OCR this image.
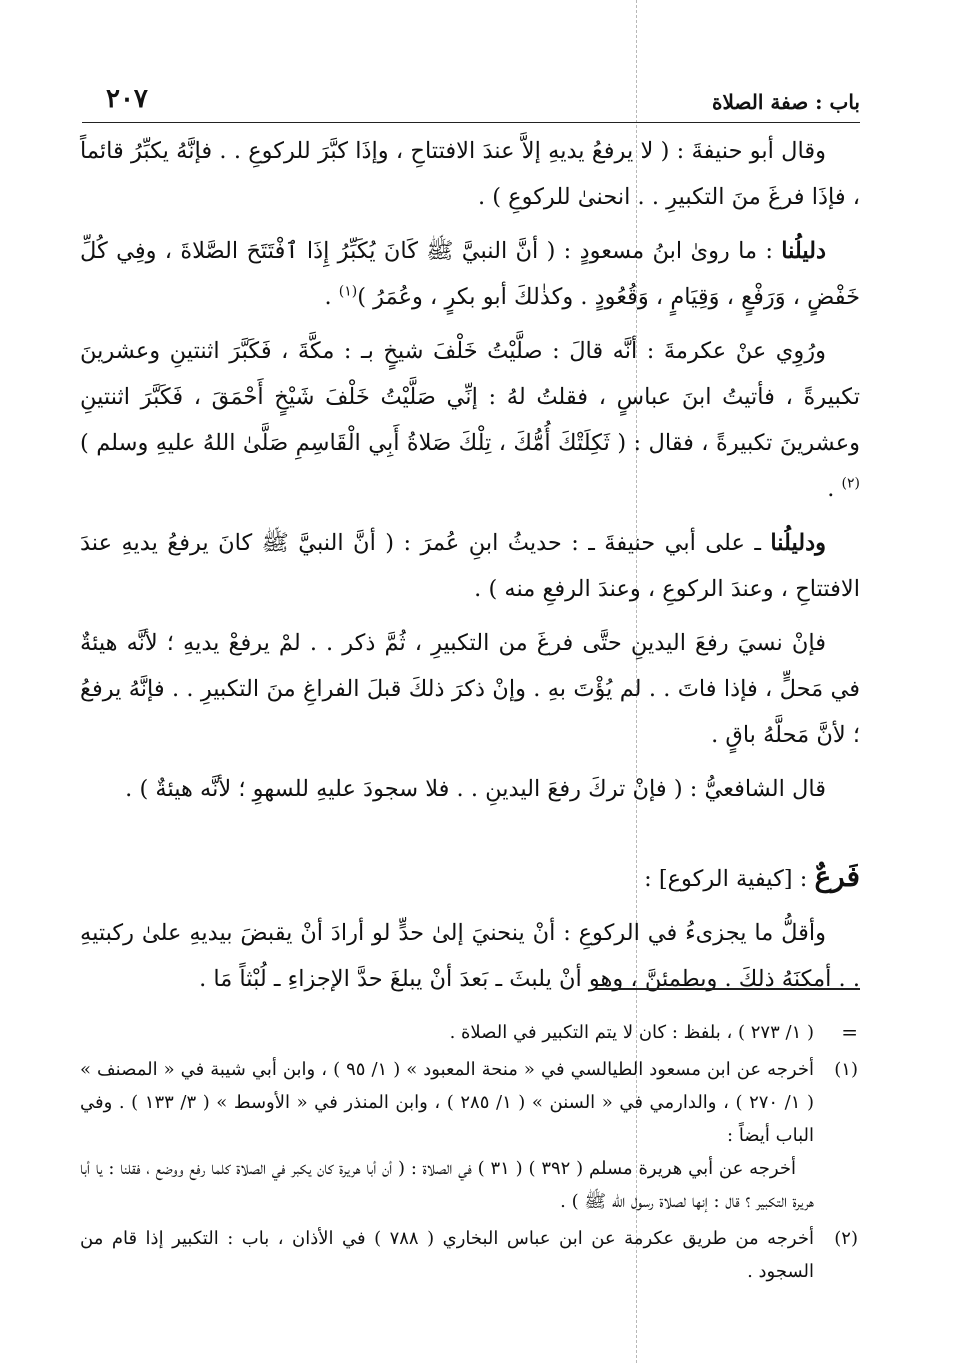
باب : صفة الصلاة
٢٠٧

وقال أبو حنيفةَ : ( لا يرفعُ يديهِ إلاَّ عندَ الافتتاحِ ، وإذَا كبَّرَ للركوعِ . . فإنَّهُ يكبِّرُ قائماً ، فإذَا فرغَ منَ التكبيرِ . . انحنىٰ للركوعِ ) .

دليلُنا : ما روىٰ ابنُ مسعودٍ : ( أنَّ النبيَّ ﷺ كَانَ يُكَبِّرُ إِذَا ٱفْتَتَحَ الصَّلاةَ ، وفِي كُلِّ خَفْضٍ ، وَرَفْعٍ ، وَقِيَامٍ ، وَقُعُودٍ . وكذٰلكَ أبو بكرٍ ، وعُمَرُ )$^{(١)}$ .

ورُوِي عنْ عكرمةَ : أنَّه قالَ : صلَّيْتُ خَلْفَ شيخٍ بـ : مكَّةَ ، فَكَبَّرَ اثنتينِ وعشرينَ تكبيرةً ، فأتيتُ ابنَ عباسٍ ، فقلتُ لهُ : إنِّي صَلَّيْتُ خَلْفَ شَيْخٍ أَحْمَقَ ، فَكَبَّرَ اثنتينِ وعشرينَ تكبيرةً ، فقال : ( ثَكِلَتْكَ أُمُّكَ ، تِلْكَ صَلاةُ أَبِي الْقَاسِمِ صَلَّىٰ اللهُ عليهِ وسلم )$^{(٢)}$ .

ودليلُنا ـ على أبي حنيفةَ ـ : حديثُ ابنِ عُمرَ : ( أنَّ النبيَّ ﷺ كانَ يرفعُ يديهِ عندَ الافتتاحِ ، وعندَ الركوعِ ، وعندَ الرفعِ منه ) .

فإنْ نسيَ رفعَ اليدينِ حتَّى فرغَ من التكبيرِ ، ثُمَّ ذكر . . لمْ يرفعْ يديهِ ؛ لأنَّه هيئةٌ في مَحلٍّ ، فإذا فاتَ . . لم يُؤْتَ بهِ . وإنْ ذكرَ ذلكَ قبلَ الفراغِ منَ التكبيرِ . . فإنَّهُ يرفعُ ؛ لأنَّ مَحلَّهُ باقٍ .

قال الشافعيُّ : ( فإنْ تركَ رفعَ اليدينِ . . فلا سجودَ عليهِ للسهوِ ؛ لأنَّه هيئةٌ ) .

فَرعٌ : [كيفية الركوع] :

وأقلُّ ما يجزىءُ في الركوعِ : أنْ ينحنيَ إلىٰ حدٍّ لو أرادَ أنْ يقبضَ بيديهِ علىٰ ركبتيهِ . . أمكنَهُ ذلكَ . ويطمئنَّ ، وهو أنْ يلبثَ ـ بَعدَ أنْ يبلغَ حدَّ الإجزاءِ ـ لُبْثاً مَا .

=
( ١/ ٢٧٣ ) ، بلفظ : كان لا يتم التكبير في الصلاة .
(١)
أخرجه عن ابن مسعود الطيالسي في « منحة المعبود » ( ١/ ٩٥ ) ، وابن أبي شيبة في « المصنف » ( ١/ ٢٧٠ ) ، والدارمي في « السنن » ( ١/ ٢٨٥ ) ، وابن المنذر في « الأوسط » ( ٣/ ١٣٣ ) . وفي الباب أيضاً :
أخرجه عن أبي هريرة مسلم ( ٣٩٢ ) ( ٣١ ) في الصلاة : ( أن أبا هريرة كان يكبر في الصلاة كلما رفع ووضع ، فقلنا : يا أبا هريرة التكبير ؟ قال : إنها لصلاة رسول الله ﷺ ) .
(٢)
أخرجه من طريق عكرمة عن ابن عباس البخاري ( ٧٨٨ ) في الأذان ، باب : التكبير إذا قام من السجود .
